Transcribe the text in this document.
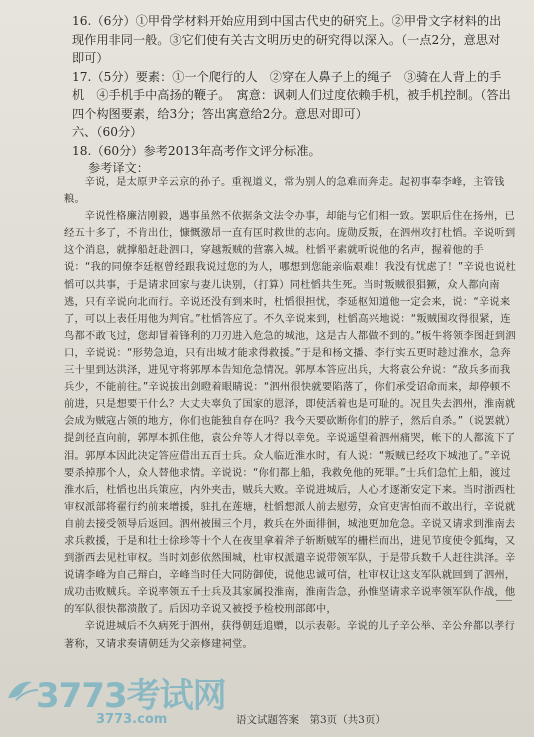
16.（6分）①甲骨学材料开始应用到中国古代史的研究上。②甲骨文字材料的出现作用非同一般。③它们使有关古文明历史的研究得以深入。（一点2分，意思对即可）

17.（5分）要素：①一个爬行的人　②穿在人鼻子上的绳子　③骑在人背上的手机　④手机手中高扬的鞭子。　寓意：讽刺人们过度依赖手机，被手机控制。（答出四个构图要素，给3分；答出寓意给2分。意思对即可）

六、（60分）

18.（60分）参考2013年高考作文评分标准。

参考译文：

辛说，是太原尹辛云京的孙子。重视道义，常为别人的急难而奔走。起初事奉李峰，主管钱粮。

辛说性格廉洁刚毅，遇事虽然不依据条文法令办事，却能与它们相一致。罢职后住在扬州，已经五十多了，不肯出仕，慷慨激昂一直有匡时救世的志向。庞勋反叛，在泗州攻打杜慆。辛说听到这个消息，就撑船赶赴泗口，穿越叛贼的营寨入城。杜慆平素就听说他的名声，握着他的手说：“我的同僚李廷枢曾经跟我说过您的为人，哪想到您能亲临艰难！我没有忧虑了！”辛说也说杜慆可以共事，于是请求回家与妻儿诀别，（打算）同杜慆共生死。当时叛贼很猖獗，众人都向南逃，只有辛说向北而行。辛说还没有到来时，杜慆很担忧，李延枢知道他一定会来，说：“辛说来了，可以上表任用他为判官。”杜慆答应了。不久辛说来到，杜慆高兴地说：“叛贼围攻得很紧，连鸟都不敢飞过，您却冒着锋利的刀刃进入危急的城池，这是古人都做不到的。”板牛将领李图赶到泗口，辛说说：“形势急迫，只有出城才能求得救援。”于是和杨文播、李行实五更时趁过淮水，急奔三十里到达洪泽，进见守将郭厚本告知危急情况。郭厚本答应出兵，大将袁公弁说：“敌兵多而我兵少，不能前往。”辛说拔出剑瞪着眼睛说：“泗州很快就要陷落了，你们承受诏命而来，却停顿不前进，只是想要干什么？大丈夫辜负了国家的恩泽，即使活着也是可耻的。况且失去泗州，淮南就会成为贼寇占领的地方，你们也能独自存在吗？我今天要砍断你们的脖子，然后自杀。”（说罢就）提剑径直向前，郭厚本抓住他，袁公弁等人才得以幸免。辛说遥望着泗州痛哭，帐下的人都流下了泪。郭厚本因此决定答应借出五百士兵。众人临近淮水时，有人说：“叛贼已经攻下城池了。”辛说要杀掉那个人，众人替他求情。辛说说：“你们都上船，我救免他的死罪。”士兵们急忙上船，渡过淮水后，杜慆也出兵策应，内外夹击，贼兵大败。辛说进城后，人心才逐渐安定下来。当时浙西杜审权派部将翟行约前来增援，驻扎在莲塘，杜慆想派人前去慰劳，众官吏害怕而不敢出行，辛说就自前去接受领导后返回。泗州被围三个月，救兵在外面徘徊，城池更加危急。辛说又请求到淮南去求兵救援，于是和壮士徐珍等十个人在夜里拿着斧子斩断贼军的栅栏而出，进见节度使令狐绹，又到浙西去见杜审权。当时刘彭依然围城，杜审权派遣辛说带领军队，于是带兵数千人赶往洪泽。辛说请李峰为自己辩白，辛峰当时任大同防御使，说他忠诚可信，杜审权让这支军队就回到了泗州，成功击败贼兵。辛说率领五千士兵及其家属投淮南，淮南告急，孙惟坚请求辛说率领军队作战，他的军队很快都溃散了。后因功辛说又被授予检校刑部郎中，

辛说进城后不久病死于泗州，获得朝廷追赠，以示表彰。辛说的儿子辛公举、辛公弁都以孝行著称，又请求奏请朝廷为父亲修建祠堂。

3773考试网
3773.com	语文试题答案　第3页（共3页）
